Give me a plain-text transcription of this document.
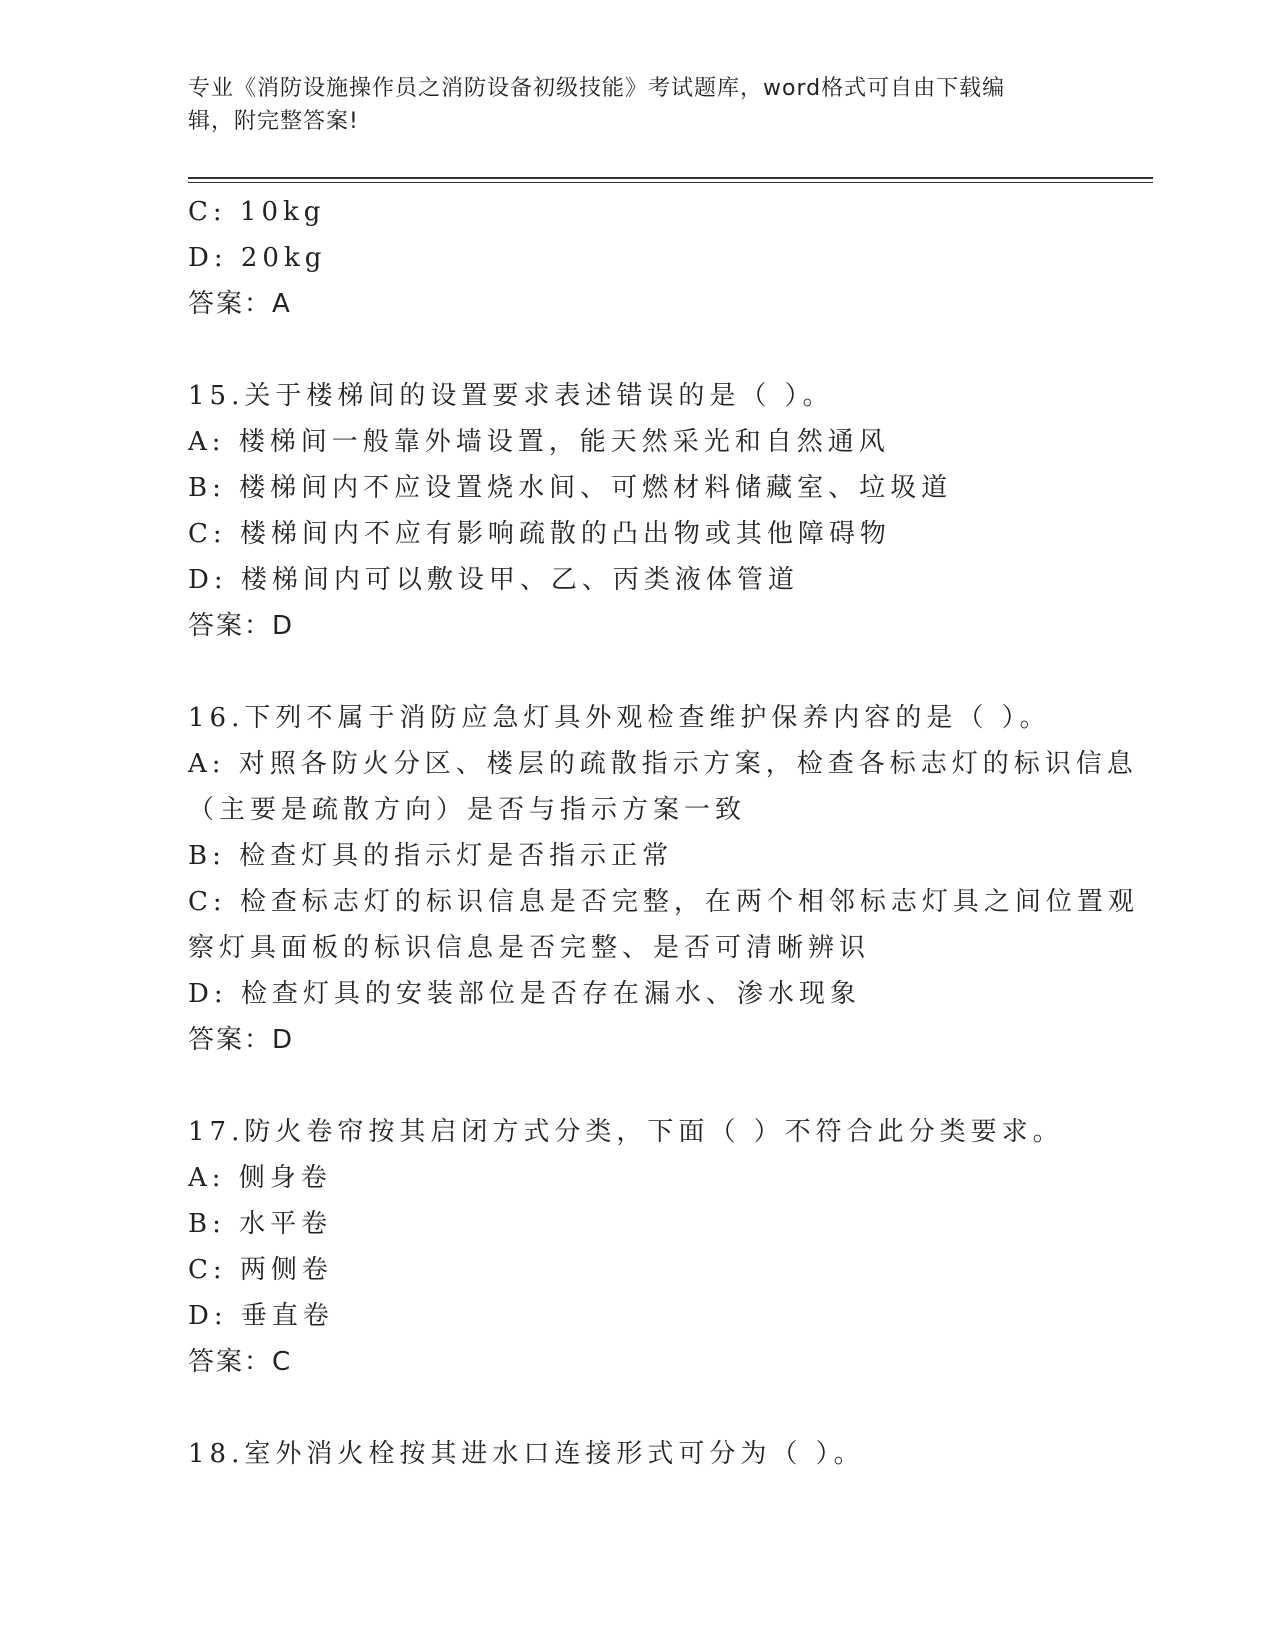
专业《消防设施操作员之消防设备初级技能》考试题库，word格式可自由下载编
辑，附完整答案!
C: 10kg
D: 20kg
答案：A
15.关于楼梯间的设置要求表述错误的是（ ）。
A: 楼梯间一般靠外墙设置，能天然采光和自然通风
B: 楼梯间内不应设置烧水间、可燃材料储藏室、垃圾道
C: 楼梯间内不应有影响疏散的凸出物或其他障碍物
D: 楼梯间内可以敷设甲、乙、丙类液体管道
答案：D
16.下列不属于消防应急灯具外观检查维护保养内容的是（ ）。
A: 对照各防火分区、楼层的疏散指示方案，检查各标志灯的标识信息
（主要是疏散方向）是否与指示方案一致
B: 检查灯具的指示灯是否指示正常
C: 检查标志灯的标识信息是否完整，在两个相邻标志灯具之间位置观
察灯具面板的标识信息是否完整、是否可清晰辨识
D: 检查灯具的安装部位是否存在漏水、渗水现象
答案：D
17.防火卷帘按其启闭方式分类，下面（ ）不符合此分类要求。
A: 侧身卷
B: 水平卷
C: 两侧卷
D: 垂直卷
答案：C
18.室外消火栓按其进水口连接形式可分为（ ）。
